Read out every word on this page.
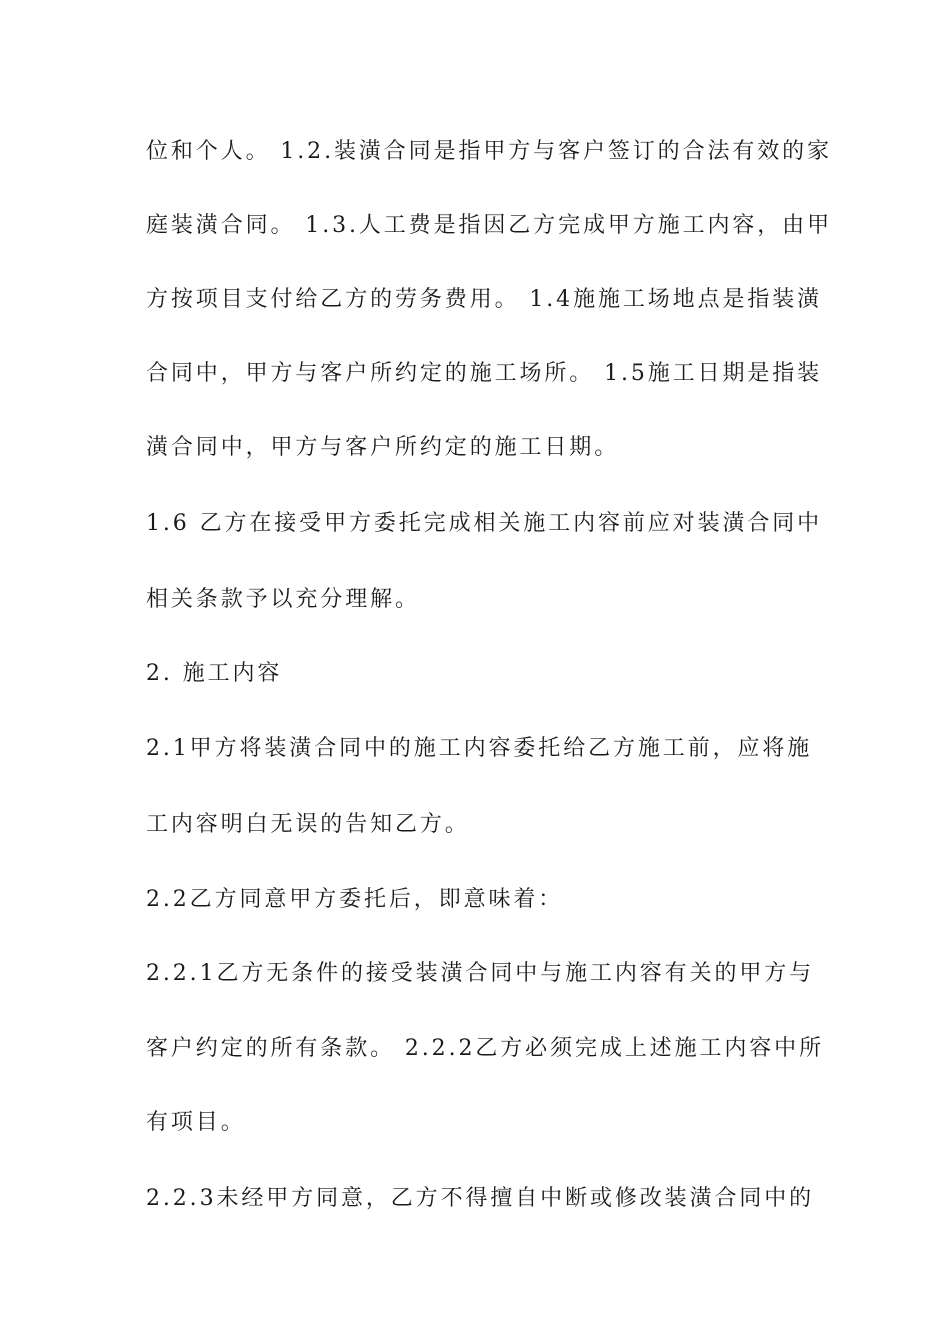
位和个人。 1.2.装潢合同是指甲方与客户签订的合法有效的家
庭装潢合同。 1.3.人工费是指因乙方完成甲方施工内容，由甲
方按项目支付给乙方的劳务费用。 1.4施施工场地点是指装潢
合同中，甲方与客户所约定的施工场所。 1.5施工日期是指装
潢合同中，甲方与客户所约定的施工日期。
1.6 乙方在接受甲方委托完成相关施工内容前应对装潢合同中
相关条款予以充分理解。
2. 施工内容
2.1甲方将装潢合同中的施工内容委托给乙方施工前，应将施
工内容明白无误的告知乙方。
2.2乙方同意甲方委托后，即意味着：
2.2.1乙方无条件的接受装潢合同中与施工内容有关的甲方与
客户约定的所有条款。 2.2.2乙方必须完成上述施工内容中所
有项目。
2.2.3未经甲方同意，乙方不得擅自中断或修改装潢合同中的
